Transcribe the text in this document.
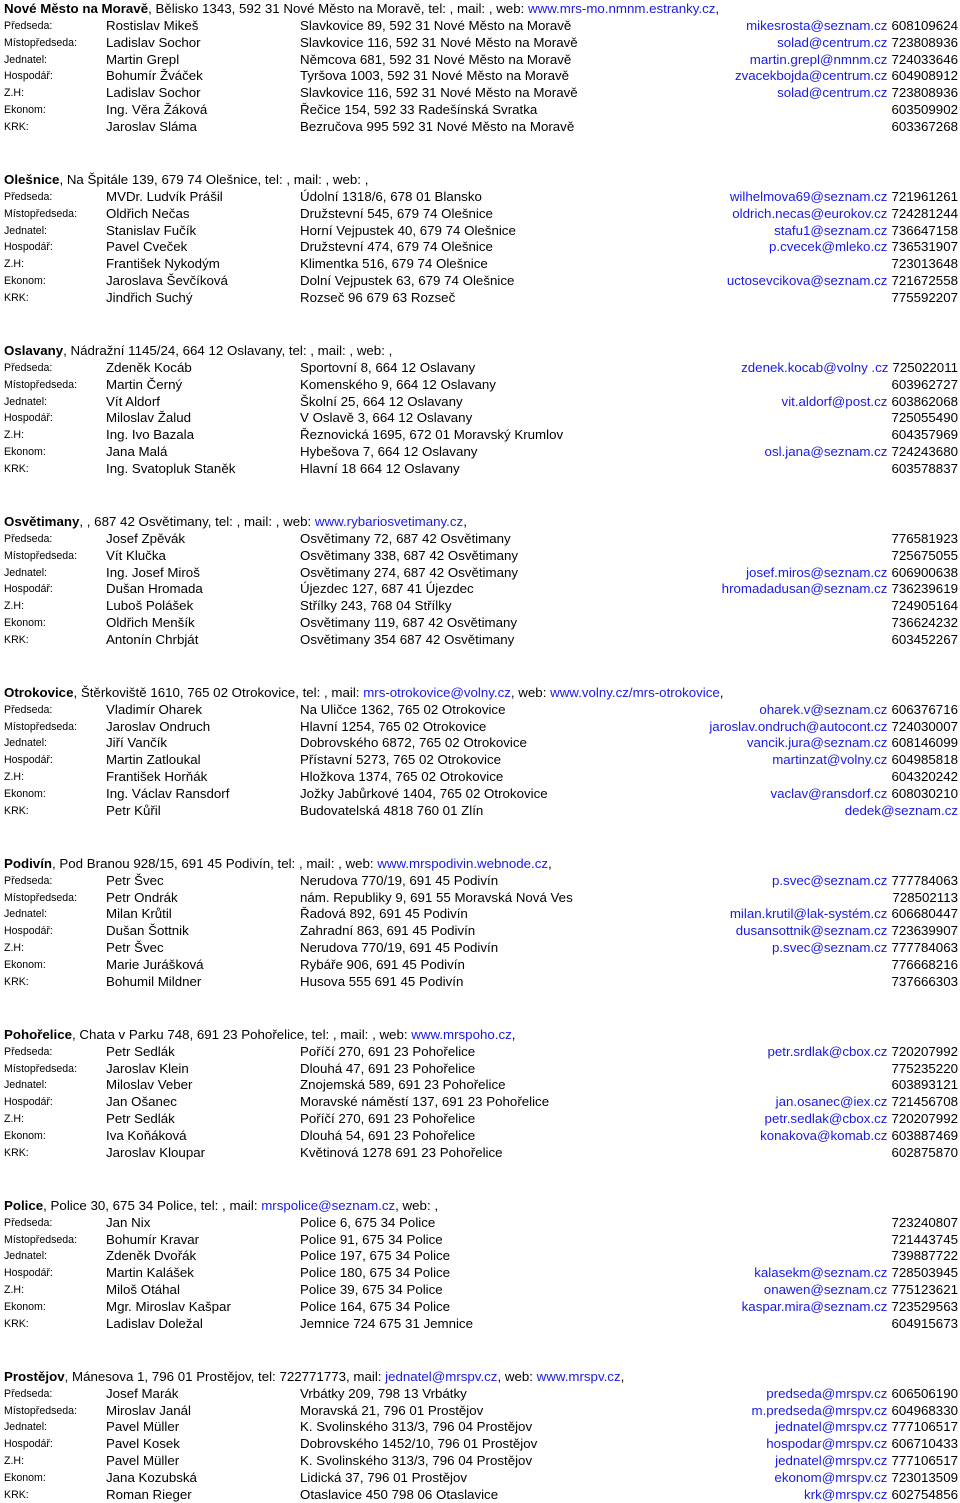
Nové Město na Moravě, Bělisko 1343, 592 31 Nové Město na Moravě, tel: , mail: , web: www.mrs-mo.nmnm.estranky.cz,
Předseda:	Rostislav Mikeš	Slavkovice 89, 592 31 Nové Město na Moravě	mikesrosta@seznam.cz 608109624
Místopředseda: Ladislav Sochor	Slavkovice 116, 592 31 Nové Město na Moravě	solad@centrum.cz 723808936
Jednatel:	Martin Grepl	Němcova 681, 592 31 Nové Město na Moravě	martin.grepl@nmnm.cz 724033646
Hospodář:	Bohumír Žváček	Tyršova 1003, 592 31 Nové Město na Moravě	zvacekbojda@centrum.cz 604908912
Z.H:	Ladislav Sochor	Slavkovice 116, 592 31 Nové Město na Moravě	solad@centrum.cz 723808936
Ekonom:	Ing. Věra Žáková	Řečice 154, 592 33 Radešínská Svratka	603509902
KRK:	Jaroslav Sláma	Bezručova 995 592 31 Nové Město na Moravě	603367268
Olešnice, Na Špitále 139, 679 74 Olešnice, tel: , mail: , web: ,
Předseda:	MVDr. Ludvík Prášil	Údolní 1318/6, 678 01 Blansko	wilhelmova69@seznam.cz 721961261
Místopředseda: Oldřich Nečas	Družstevní 545, 679 74 Olešnice	oldrich.necas@eurokov.cz 724281244
Jednatel:	Stanislav Fučík	Horní Vejpustek 40, 679 74 Olešnice	stafu1@seznam.cz 736647158
Hospodář:	Pavel Cveček	Družstevní 474, 679 74 Olešnice	p.cvecek@mleko.cz 736531907
Z.H:	František Nykodým	Klimentka 516, 679 74 Olešnice	723013648
Ekonom:	Jaroslava Ševčíková	Dolní Vejpustek 63, 679 74 Olešnice	uctosevcikova@seznam.cz 721672558
KRK:	Jindřich Suchý	Rozseč 96 679 63 Rozseč	775592207
Oslavany, Nádražní 1145/24, 664 12 Oslavany, tel: , mail: , web: ,
Předseda:	Zdeněk Kocáb	Sportovní 8, 664 12 Oslavany	zdenek.kocab@volny .cz 725022011
Místopředseda: Martin Černý	Komenského 9, 664 12 Oslavany	603962727
Jednatel:	Vít Aldorf	Školní 25, 664 12 Oslavany	vit.aldorf@post.cz 603862068
Hospodář:	Miloslav Žalud	V Oslavě 3, 664 12 Oslavany	725055490
Z.H:	Ing. Ivo Bazala	Řeznovická 1695, 672 01 Moravský Krumlov	604357969
Ekonom:	Jana Malá	Hybešova 7, 664 12 Oslavany	osl.jana@seznam.cz 724243680
KRK:	Ing. Svatopluk Staněk	Hlavní 18 664 12 Oslavany	603578837
Osvětimany, , 687 42 Osvětimany, tel: , mail: , web: www.rybariosvetimany.cz,
Předseda:	Josef Zpěvák	Osvětimany 72, 687 42 Osvětimany	776581923
Místopředseda: Vít Klučka	Osvětimany 338, 687 42 Osvětimany	725675055
Jednatel:	Ing. Josef Miroš	Osvětimany 274, 687 42 Osvětimany	josef.miros@seznam.cz 606900638
Hospodář:	Dušan Hromada	Újezdec 127, 687 41 Újezdec	hromadadusan@seznam.cz 736239619
Z.H:	Luboš Polášek	Střílky 243, 768 04 Střílky	724905164
Ekonom:	Oldřich Menšík	Osvětimany 119, 687 42 Osvětimany	736624232
KRK:	Antonín Chrbját	Osvětimany 354 687 42 Osvětimany	603452267
Otrokovice, Štěrkoviště 1610, 765 02 Otrokovice, tel: , mail: mrs-otrokovice@volny.cz, web: www.volny.cz/mrs-otrokovice,
Předseda:	Vladimír Oharek	Na Uličce 1362, 765 02 Otrokovice	oharek.v@seznam.cz 606376716
Místopředseda: Jaroslav Ondruch	Hlavní 1254, 765 02 Otrokovice	jaroslav.ondruch@autocont.cz 724030007
Jednatel:	Jiří Vančík	Dobrovského 6872, 765 02 Otrokovice	vancik.jura@seznam.cz 608146099
Hospodář:	Martin Zatloukal	Přístavní 5273, 765 02 Otrokovice	martinzat@volny.cz 604985818
Z.H:	František Horňák	Hložkova 1374, 765 02 Otrokovice	604320242
Ekonom:	Ing. Václav Ransdorf	Jožky Jabůrkové 1404, 765 02 Otrokovice	vaclav@ransdorf.cz 608030210
KRK:	Petr Kůřil	Budovatelská 4818 760 01 Zlín	dedek@seznam.cz
Podivín, Pod Branou 928/15, 691 45 Podivín, tel: , mail: , web: www.mrspodivin.webnode.cz,
Předseda:	Petr Švec	Nerudova 770/19, 691 45 Podivín	p.svec@seznam.cz 777784063
Místopředseda: Petr Ondrák	nám. Republiky 9, 691 55 Moravská Nová Ves	728502113
Jednatel:	Milan Krůtil	Řadová 892, 691 45 Podivín	milan.krutil@lak-systém.cz 606680447
Hospodář:	Dušan Šottnik	Zahradní 863, 691 45 Podivín	dusansottnik@seznam.cz 723639907
Z.H:	Petr Švec	Nerudova 770/19, 691 45 Podivín	p.svec@seznam.cz 777784063
Ekonom:	Marie Jurášková	Rybáře 906, 691 45 Podivín	776668216
KRK:	Bohumil Mildner	Husova 555 691 45 Podivín	737666303
Pohořelice, Chata v Parku 748, 691 23 Pohořelice, tel: , mail: , web: www.mrspoho.cz,
Předseda:	Petr Sedlák	Poříčí 270, 691 23 Pohořelice	petr.srdlak@cbox.cz 720207992
Místopředseda: Jaroslav Klein	Dlouhá 47, 691 23 Pohořelice	775235220
Jednatel:	Miloslav Veber	Znojemská 589, 691 23 Pohořelice	603893121
Hospodář:	Jan Ošanec	Moravské náměstí 137, 691 23 Pohořelice	jan.osanec@iex.cz 721456708
Z.H:	Petr Sedlák	Poříčí 270, 691 23 Pohořelice	petr.sedlak@cbox.cz 720207992
Ekonom:	Iva Koňáková	Dlouhá 54, 691 23 Pohořelice	konakova@komab.cz 603887469
KRK:	Jaroslav Kloupar	Květinová 1278 691 23 Pohořelice	602875870
Police, Police 30, 675 34 Police, tel: , mail: mrspolice@seznam.cz, web: ,
Předseda:	Jan Nix	Police 6, 675 34 Police	723240807
Místopředseda: Bohumír Kravar	Police 91, 675 34 Police	721443745
Jednatel:	Zdeněk Dvořák	Police 197, 675 34 Police	739887722
Hospodář:	Martin Kalášek	Police 180, 675 34 Police	kalasekm@seznam.cz 728503945
Z.H:	Miloš Otáhal	Police 39, 675 34 Police	onawen@seznam.cz 775123621
Ekonom:	Mgr. Miroslav Kašpar	Police 164, 675 34 Police	kaspar.mira@seznam.cz 723529563
KRK:	Ladislav Doležal	Jemnice 724 675 31 Jemnice	604915673
Prostějov, Mánesova 1, 796 01 Prostějov, tel: 722771773, mail: jednatel@mrspv.cz, web: www.mrspv.cz,
Předseda:	Josef Marák	Vrbátky 209, 798 13 Vrbátky	predseda@mrspv.cz 606506190
Místopředseda: Miroslav Janál	Moravská 21, 796 01 Prostějov	m.predseda@mrspv.cz 604968330
Jednatel:	Pavel Müller	K. Svolinského 313/3, 796 04 Prostějov	jednatel@mrspv.cz 777106517
Hospodář:	Pavel Kosek	Dobrovského 1452/10, 796 01 Prostějov	hospodar@mrspv.cz 606710433
Z.H:	Pavel Müller	K. Svolinského 313/3, 796 04 Prostějov	jednatel@mrspv.cz 777106517
Ekonom:	Jana Kozubská	Lidická 37, 796 01 Prostějov	ekonom@mrspv.cz 723013509
KRK:	Roman Rieger	Otaslavice 450 798 06 Otaslavice	krk@mrspv.cz 602754856
